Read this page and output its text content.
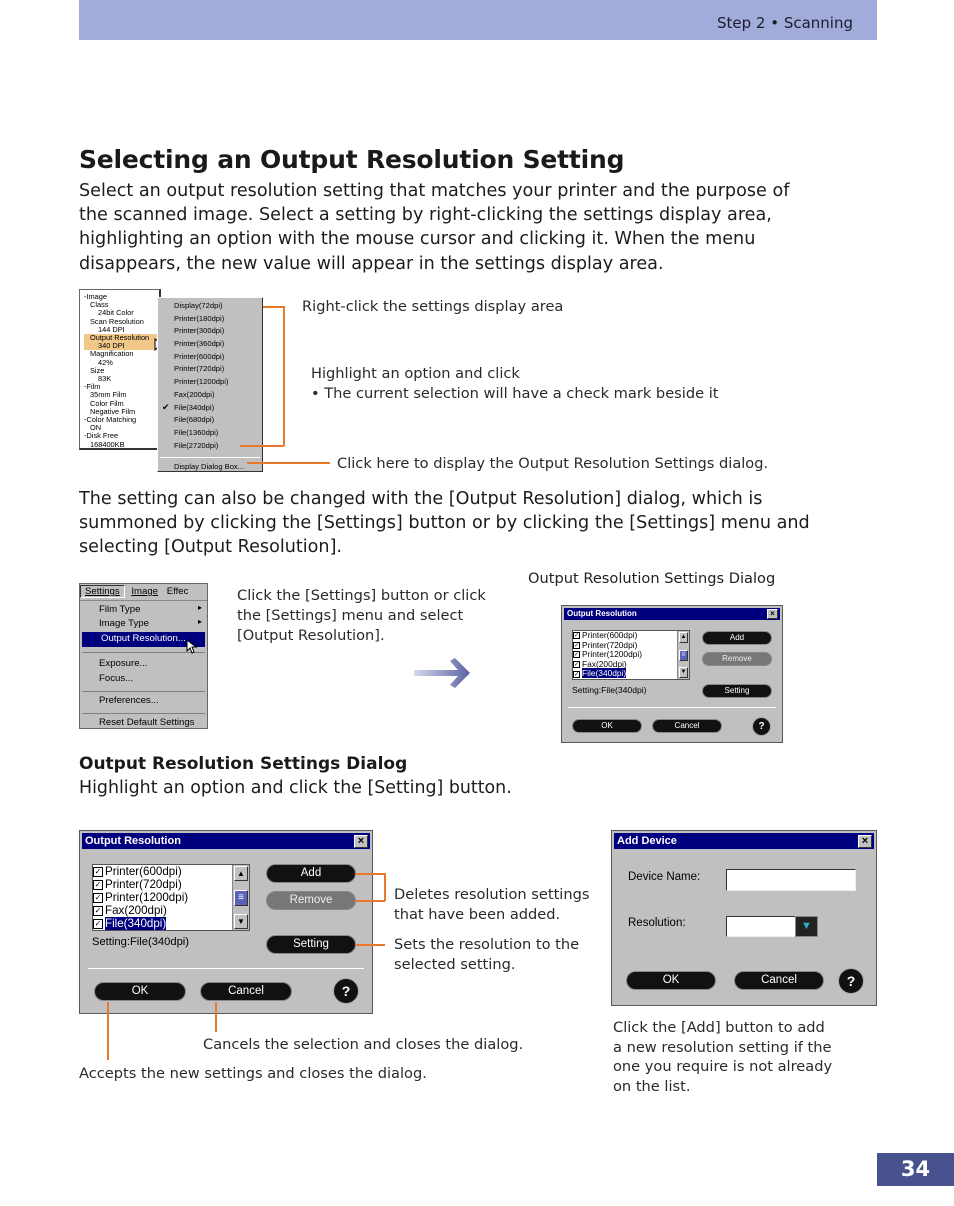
Step 2 • Scanning
Selecting an Output Resolution Setting
Select an output resolution setting that matches your printer and the purpose of
the scanned image. Select a setting by right-clicking the settings display area,
highlighting an option with the mouse cursor and clicking it. When the menu
disappears, the new value will appear in the settings display area.
-Image
Class
24bit Color
Scan Resolution
144 DPI
Output Resolution
340 DPI
Magnification
42%
Size
83K
-Film
35mm Film
Color Film
Negative Film
-Color Matching
ON
-Disk Free
168400KB
Display(72dpi)
Printer(180dpi)
Printer(300dpi)
Printer(360dpi)
Printer(600dpi)
Printer(720dpi)
Printer(1200dpi)
Fax(200dpi)
✔ File(340dpi)
File(680dpi)
File(1360dpi)
File(2720dpi)
Display Dialog Box...
Right-click the settings display area
Highlight an option and click
• The current selection will have a check mark beside it
Click here to display the Output Resolution Settings dialog.
The setting can also be changed with the [Output Resolution] dialog, which is
summoned by clicking the [Settings] button or by clicking the [Settings] menu and
selecting [Output Resolution].
Settings Image Effec
Film Type	▸
Image Type	▸
Output Resolution...
Exposure...
Focus...
Preferences...
Reset Default Settings
Click the [Settings] button or click
the [Settings] menu and select
[Output Resolution].
Output Resolution Settings Dialog
Output Resolution	×
✓ Printer(600dpi)
✓ Printer(720dpi)
✓ Printer(1200dpi)
✓ Fax(200dpi)
✓ File(340dpi)
▲
≡
▼
Setting:File(340dpi)
Add
Remove
Setting
OK	Cancel	?
Output Resolution Settings Dialog
Highlight an option and click the [Setting] button.
Output Resolution	×
✓ Printer(600dpi)
✓ Printer(720dpi)
✓ Printer(1200dpi)
✓ Fax(200dpi)
✓ File(340dpi)
▲
≡
▼
Setting:File(340dpi)
Add
Remove
Setting
OK	Cancel	?
Deletes resolution settings
that have been added.
Sets the resolution to the
selected setting.
Cancels the selection and closes the dialog.
Accepts the new settings and closes the dialog.
Add Device	×
Device Name:
Resolution:	▼
OK	Cancel	?
Click the [Add] button to add
a new resolution setting if the
one you require is not already
on the list.
34
